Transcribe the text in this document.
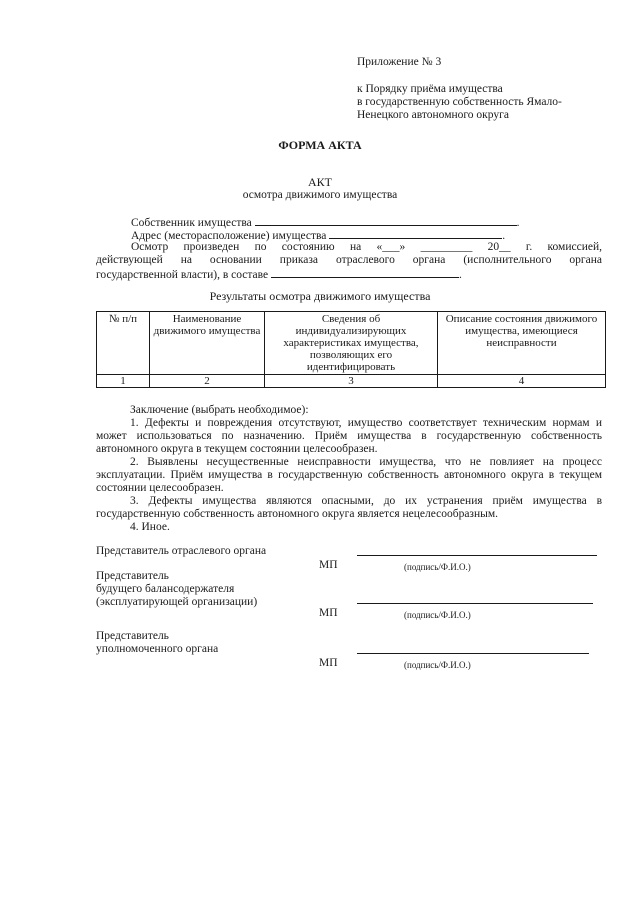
Приложение № 3
к Порядку приёма имущества
в государственную собственность Ямало-
Ненецкого автономного округа
ФОРМА АКТА
АКТ
осмотра движимого имущества
Собственник имущества	.
Адрес (месторасположение) имущества	.
Осмотр произведен по состоянию на «___» _________ 20__ г. комиссией,
действующей на основании приказа отраслевого органа (исполнительного органа
государственной власти), в составе	.
Результаты осмотра движимого имущества
№ п/п	Наименование движимого имущества	Сведения об индивидуализирующих характеристиках имущества, позволяющих его идентифицировать	Описание состояния движимого имущества, имеющиеся неисправности
1	2	3	4

Заключение (выбрать необходимое):

1. Дефекты и повреждения отсутствуют, имущество соответствует техническим нормам и может использоваться по назначению. Приём имущества в государственную собственность автономного округа в текущем состоянии целесообразен.

2. Выявлены несущественные неисправности имущества, что не повлияет на процесс эксплуатации. Приём имущества в государственную собственность автономного округа в текущем состоянии целесообразен.

3. Дефекты имущества являются опасными, до их устранения приём имущества в государственную собственность автономного округа является нецелесообразным.

4. Иное.

Представитель отраслевого органа
МП	(подпись/Ф.И.О.)
Представитель
будущего балансодержателя
(эксплуатирующей организации)
МП	(подпись/Ф.И.О.)
Представитель
уполномоченного органа
МП	(подпись/Ф.И.О.)
